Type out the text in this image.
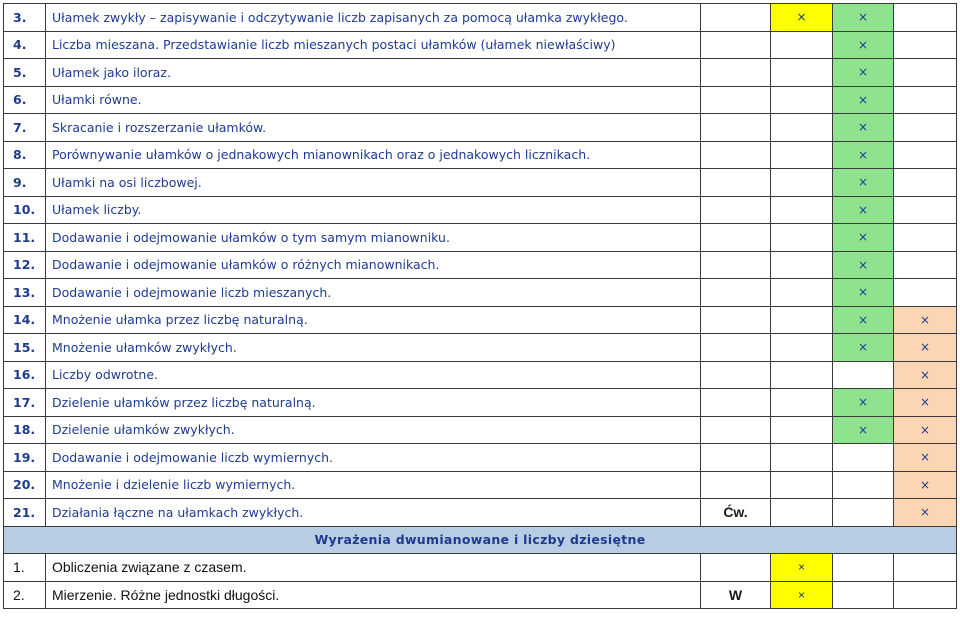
3.	Ułamek zwykły – zapisywanie i odczytywanie liczb zapisanych za pomocą ułamka zwykłego.		×	×	
4.	Liczba mieszana. Przedstawianie liczb mieszanych postaci ułamków (ułamek niewłaściwy)			×	
5.	Ułamek jako iloraz.			×	
6.	Ułamki równe.			×	
7.	Skracanie i rozszerzanie ułamków.			×	
8.	Porównywanie ułamków o jednakowych mianownikach oraz o jednakowych licznikach.			×	
9.	Ułamki na osi liczbowej.			×	
10.	Ułamek liczby.			×	
11.	Dodawanie i odejmowanie ułamków o tym samym mianowniku.			×	
12.	Dodawanie i odejmowanie ułamków o różnych mianownikach.			×	
13.	Dodawanie i odejmowanie liczb mieszanych.			×	
14.	Mnożenie ułamka przez liczbę naturalną.			×	×
15.	Mnożenie ułamków zwykłych.			×	×
16.	Liczby odwrotne.				×
17.	Dzielenie ułamków przez liczbę naturalną.			×	×
18.	Dzielenie ułamków zwykłych.			×	×
19.	Dodawanie i odejmowanie liczb wymiernych.				×
20.	Mnożenie i dzielenie liczb wymiernych.				×
21.	Działania łączne na ułamkach zwykłych.	Ćw.			×
Wyrażenia dwumianowane i liczby dziesiętne					
1.	Obliczenia związane z czasem.		×		
2.	Mierzenie. Różne jednostki długości.	W	×		
